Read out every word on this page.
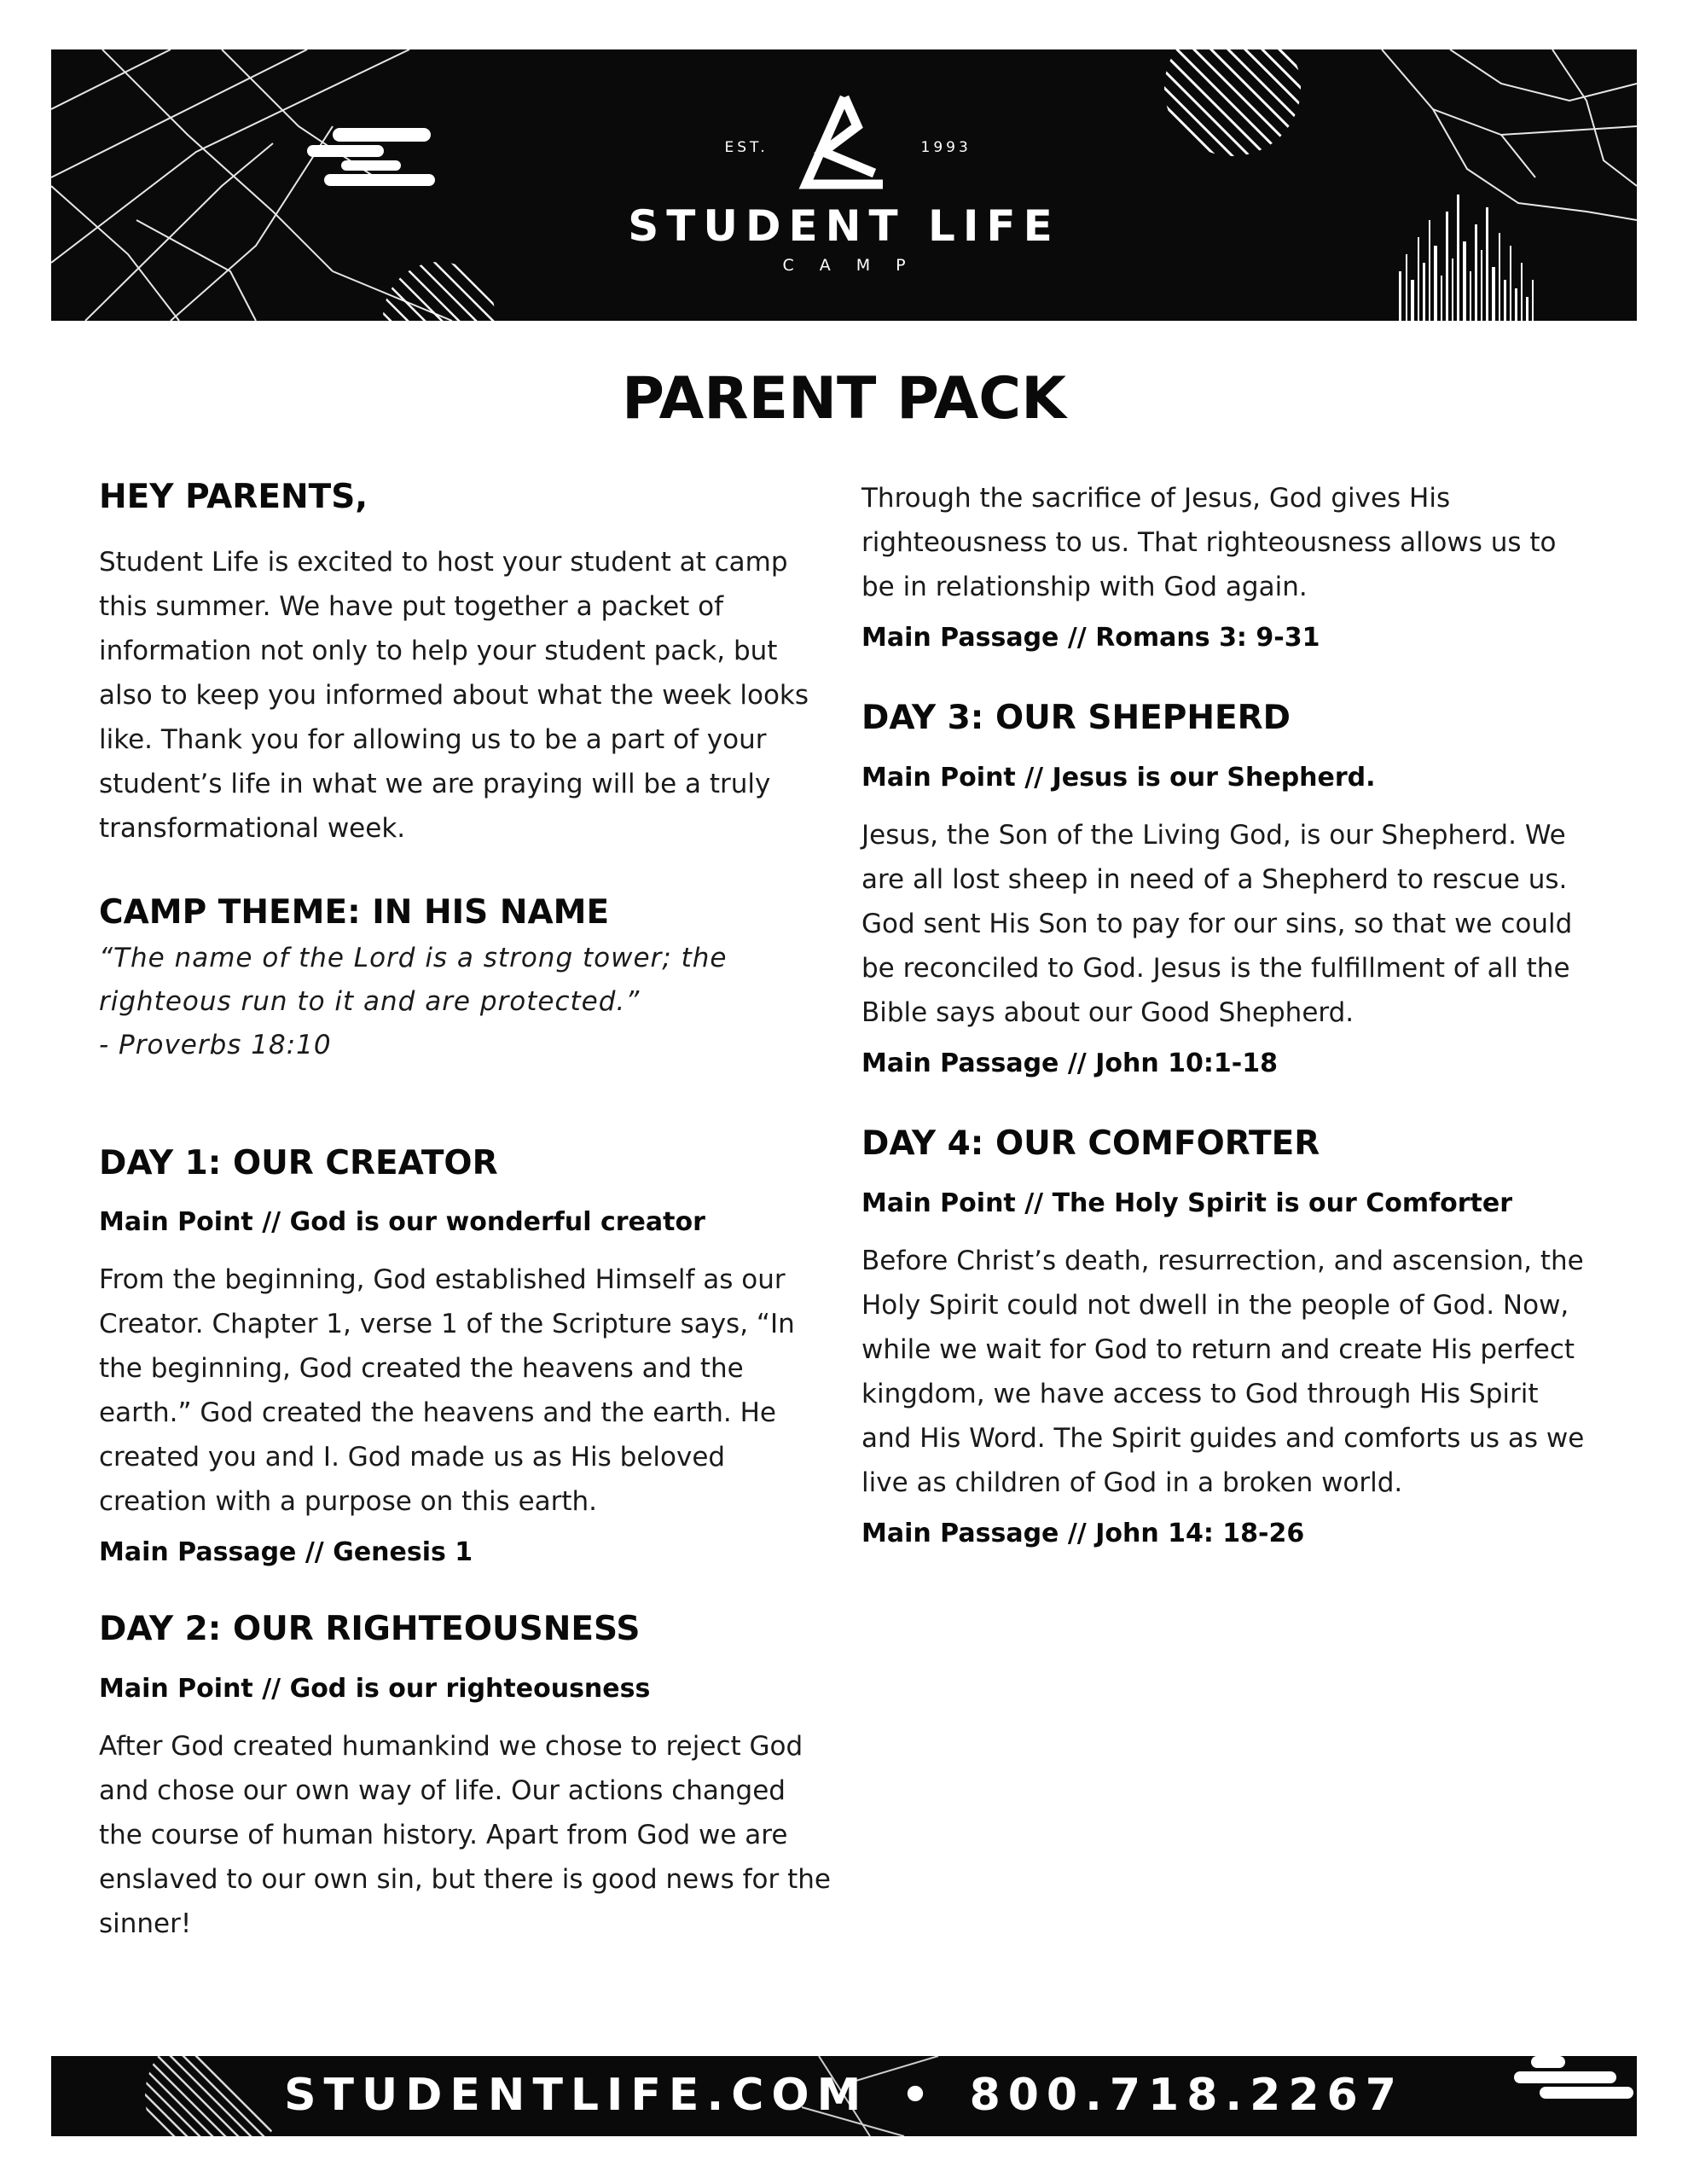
EST.	1993
STUDENT LIFE
CAMP
PARENT PACK
HEY PARENTS,

Student Life is excited to host your student at camp this summer. We have put together a packet of information not only to help your student pack, but also to keep you informed about what the week looks like. Thank you for allowing us to be a part of your student’s life in what we are praying will be a truly transformational week.

CAMP THEME: IN HIS NAME

“The name of the Lord is a strong tower; the righteous run to it and are protected.”

- Proverbs 18:10

DAY 1: OUR CREATOR

Main Point // God is our wonderful creator

From the beginning, God established Himself as our Creator. Chapter 1, verse 1 of the Scripture says, “In the beginning, God created the heavens and the earth.” God created the heavens and the earth. He created you and I. God made us as His beloved creation with a purpose on this earth.

Main Passage // Genesis 1

DAY 2: OUR RIGHTEOUSNESS

Main Point // God is our righteousness

After God created humankind we chose to reject God and chose our own way of life. Our actions changed the course of human history. Apart from God we are enslaved to our own sin, but there is good news for the sinner!

Through the sacrifice of Jesus, God gives His righteousness to us. That righteousness allows us to be in relationship with God again.

Main Passage // Romans 3: 9-31

DAY 3: OUR SHEPHERD

Main Point // Jesus is our Shepherd.

Jesus, the Son of the Living God, is our Shepherd. We are all lost sheep in need of a Shepherd to rescue us. God sent His Son to pay for our sins, so that we could be reconciled to God. Jesus is the fulfillment of all the Bible says about our Good Shepherd.

Main Passage // John 10:1-18

DAY 4: OUR COMFORTER

Main Point // The Holy Spirit is our Comforter

Before Christ’s death, resurrection, and ascension, the Holy Spirit could not dwell in the people of God. Now, while we wait for God to return and create His perfect kingdom, we have access to God through His Spirit and His Word. The Spirit guides and comforts us as we live as children of God in a broken world.

Main Passage // John 14: 18-26

STUDENTLIFE.COM • 800.718.2267
